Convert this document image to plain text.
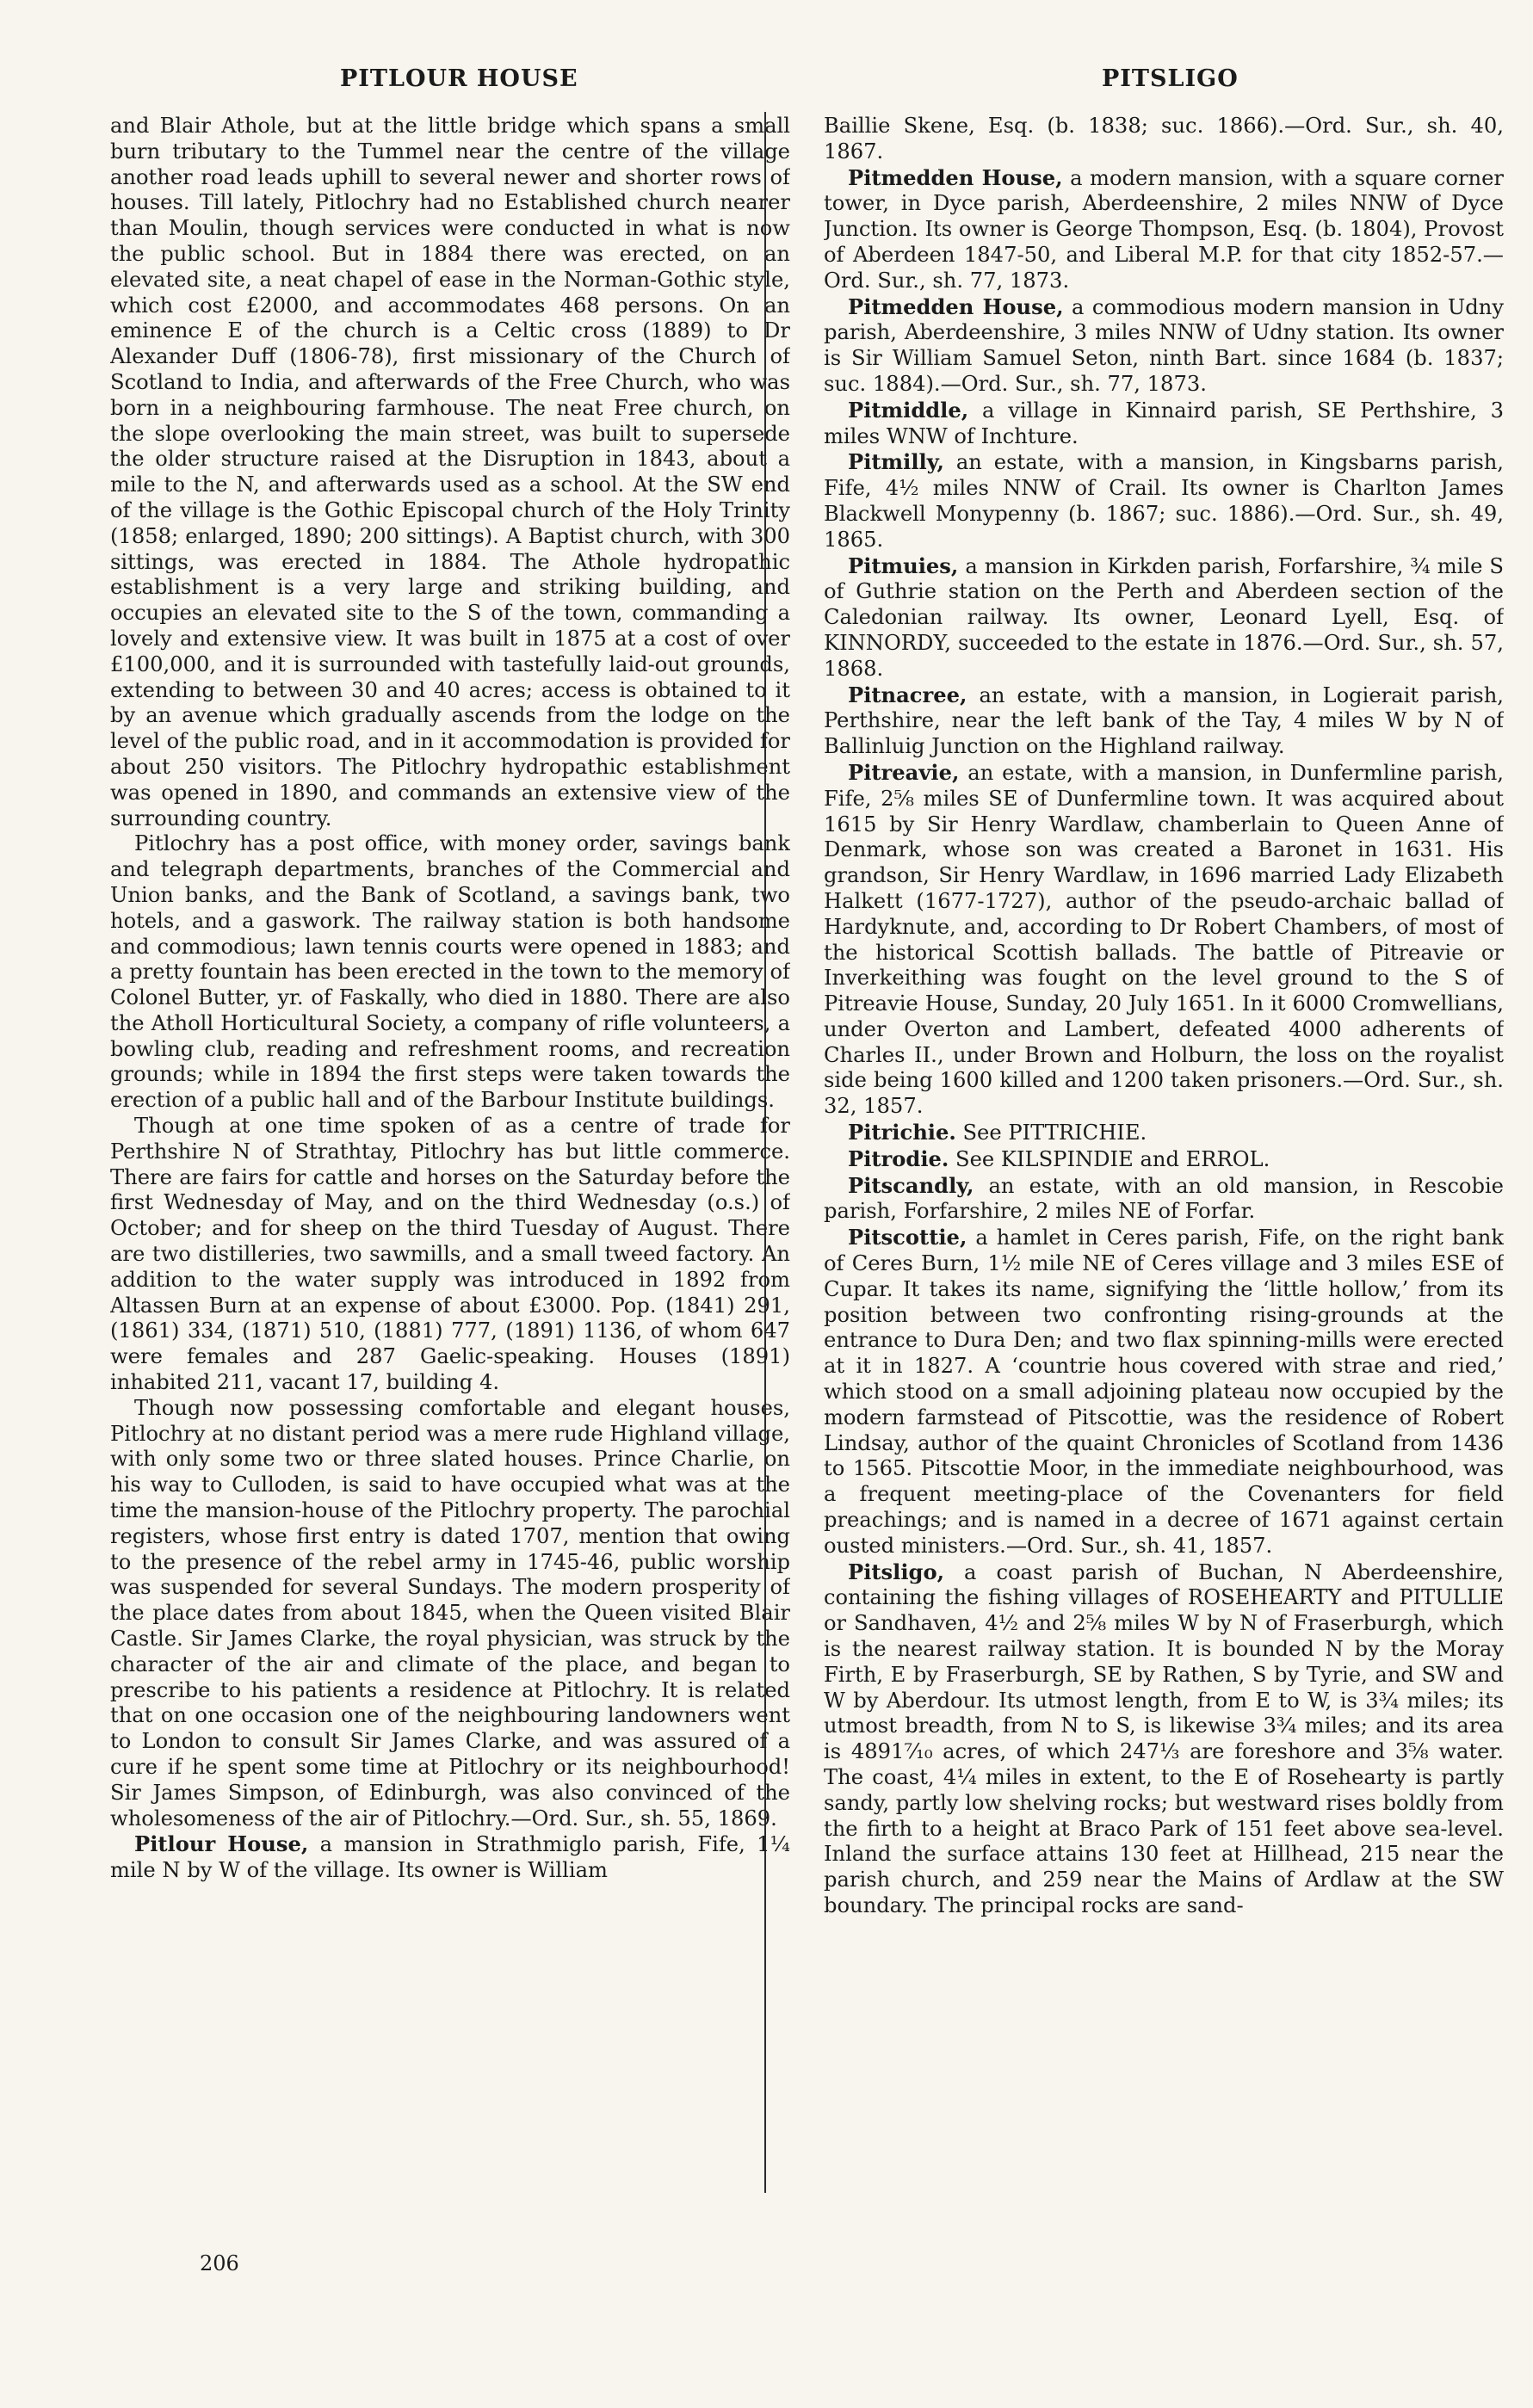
PITLOUR HOUSE	PITSLIGO

and Blair Athole, but at the little bridge which spans a small burn tributary to the Tummel near the centre of the village another road leads uphill to several newer and shorter rows of houses. Till lately, Pitlochry had no Established church nearer than Moulin, though services were conducted in what is now the public school. But in 1884 there was erected, on an elevated site, a neat chapel of ease in the Norman-Gothic style, which cost £2000, and accommodates 468 persons. On an eminence E of the church is a Celtic cross (1889) to Dr Alexander Duff (1806-78), first missionary of the Church of Scotland to India, and afterwards of the Free Church, who was born in a neighbouring farmhouse. The neat Free church, on the slope overlooking the main street, was built to supersede the older structure raised at the Disruption in 1843, about a mile to the N, and afterwards used as a school. At the SW end of the village is the Gothic Episcopal church of the Holy Trinity (1858; enlarged, 1890; 200 sittings). A Baptist church, with 300 sittings, was erected in 1884. The Athole hydropathic establishment is a very large and striking building, and occupies an elevated site to the S of the town, commanding a lovely and extensive view. It was built in 1875 at a cost of over £100,000, and it is surrounded with tastefully laid-out grounds, extending to between 30 and 40 acres; access is obtained to it by an avenue which gradually ascends from the lodge on the level of the public road, and in it accommodation is provided for about 250 visitors. The Pitlochry hydropathic establishment was opened in 1890, and commands an extensive view of the surrounding country.

Pitlochry has a post office, with money order, savings bank and telegraph departments, branches of the Commercial and Union banks, and the Bank of Scotland, a savings bank, two hotels, and a gaswork. The railway station is both handsome and commodious; lawn tennis courts were opened in 1883; and a pretty fountain has been erected in the town to the memory of Colonel Butter, yr. of Faskally, who died in 1880. There are also the Atholl Horticultural Society, a company of rifle volunteers, a bowling club, reading and refreshment rooms, and recreation grounds; while in 1894 the first steps were taken towards the erection of a public hall and of the Barbour Institute buildings.

Though at one time spoken of as a centre of trade for Perthshire N of Strathtay, Pitlochry has but little commerce. There are fairs for cattle and horses on the Saturday before the first Wednesday of May, and on the third Wednesday (o.s.) of October; and for sheep on the third Tuesday of August. There are two distilleries, two sawmills, and a small tweed factory. An addition to the water supply was introduced in 1892 from Altassen Burn at an expense of about £3000. Pop. (1841) 291, (1861) 334, (1871) 510, (1881) 777, (1891) 1136, of whom 647 were females and 287 Gaelic-speaking. Houses (1891) inhabited 211, vacant 17, building 4.

Though now possessing comfortable and elegant houses, Pitlochry at no distant period was a mere rude Highland village, with only some two or three slated houses. Prince Charlie, on his way to Culloden, is said to have occupied what was at the time the mansion-house of the Pitlochry property. The parochial registers, whose first entry is dated 1707, mention that owing to the presence of the rebel army in 1745-46, public worship was suspended for several Sundays. The modern prosperity of the place dates from about 1845, when the Queen visited Blair Castle. Sir James Clarke, the royal physician, was struck by the character of the air and climate of the place, and began to prescribe to his patients a residence at Pitlochry. It is related that on one occasion one of the neighbouring landowners went to London to consult Sir James Clarke, and was assured of a cure if he spent some time at Pitlochry or its neighbourhood! Sir James Simpson, of Edinburgh, was also convinced of the wholesomeness of the air of Pitlochry.—Ord. Sur., sh. 55, 1869.

Pitlour House, a mansion in Strathmiglo parish, Fife, 1¼ mile N by W of the village. Its owner is William

Baillie Skene, Esq. (b. 1838; suc. 1866).—Ord. Sur., sh. 40, 1867.

Pitmedden House, a modern mansion, with a square corner tower, in Dyce parish, Aberdeenshire, 2 miles NNW of Dyce Junction. Its owner is George Thompson, Esq. (b. 1804), Provost of Aberdeen 1847-50, and Liberal M.P. for that city 1852-57.—Ord. Sur., sh. 77, 1873.

Pitmedden House, a commodious modern mansion in Udny parish, Aberdeenshire, 3 miles NNW of Udny station. Its owner is Sir William Samuel Seton, ninth Bart. since 1684 (b. 1837; suc. 1884).—Ord. Sur., sh. 77, 1873.

Pitmiddle, a village in Kinnaird parish, SE Perthshire, 3 miles WNW of Inchture.

Pitmilly, an estate, with a mansion, in Kingsbarns parish, Fife, 4½ miles NNW of Crail. Its owner is Charlton James Blackwell Monypenny (b. 1867; suc. 1886).—Ord. Sur., sh. 49, 1865.

Pitmuies, a mansion in Kirkden parish, Forfarshire, ¾ mile S of Guthrie station on the Perth and Aberdeen section of the Caledonian railway. Its owner, Leonard Lyell, Esq. of KINNORDY, succeeded to the estate in 1876.—Ord. Sur., sh. 57, 1868.

Pitnacree, an estate, with a mansion, in Logierait parish, Perthshire, near the left bank of the Tay, 4 miles W by N of Ballinluig Junction on the Highland railway.

Pitreavie, an estate, with a mansion, in Dunfermline parish, Fife, 2⅝ miles SE of Dunfermline town. It was acquired about 1615 by Sir Henry Wardlaw, chamberlain to Queen Anne of Denmark, whose son was created a Baronet in 1631. His grandson, Sir Henry Wardlaw, in 1696 married Lady Elizabeth Halkett (1677-1727), author of the pseudo-archaic ballad of Hardyknute, and, according to Dr Robert Chambers, of most of the historical Scottish ballads. The battle of Pitreavie or Inverkeithing was fought on the level ground to the S of Pitreavie House, Sunday, 20 July 1651. In it 6000 Cromwellians, under Overton and Lambert, defeated 4000 adherents of Charles II., under Brown and Holburn, the loss on the royalist side being 1600 killed and 1200 taken prisoners.—Ord. Sur., sh. 32, 1857.

Pitrichie. See PITTRICHIE.

Pitrodie. See KILSPINDIE and ERROL.

Pitscandly, an estate, with an old mansion, in Rescobie parish, Forfarshire, 2 miles NE of Forfar.

Pitscottie, a hamlet in Ceres parish, Fife, on the right bank of Ceres Burn, 1½ mile NE of Ceres village and 3 miles ESE of Cupar. It takes its name, signifying the ‘little hollow,’ from its position between two confronting rising-grounds at the entrance to Dura Den; and two flax spinning-mills were erected at it in 1827. A ‘countrie hous covered with strae and ried,’ which stood on a small adjoining plateau now occupied by the modern farmstead of Pitscottie, was the residence of Robert Lindsay, author of the quaint Chronicles of Scotland from 1436 to 1565. Pitscottie Moor, in the immediate neighbourhood, was a frequent meeting-place of the Covenanters for field preachings; and is named in a decree of 1671 against certain ousted ministers.—Ord. Sur., sh. 41, 1857.

Pitsligo, a coast parish of Buchan, N Aberdeenshire, containing the fishing villages of ROSEHEARTY and PITULLIE or Sandhaven, 4½ and 2⅝ miles W by N of Fraserburgh, which is the nearest railway station. It is bounded N by the Moray Firth, E by Fraserburgh, SE by Rathen, S by Tyrie, and SW and W by Aberdour. Its utmost length, from E to W, is 3¾ miles; its utmost breadth, from N to S, is likewise 3¾ miles; and its area is 4891⁷⁄₁₀ acres, of which 247⅓ are foreshore and 3⅝ water. The coast, 4¼ miles in extent, to the E of Rosehearty is partly sandy, partly low shelving rocks; but westward rises boldly from the firth to a height at Braco Park of 151 feet above sea-level. Inland the surface attains 130 feet at Hillhead, 215 near the parish church, and 259 near the Mains of Ardlaw at the SW boundary. The principal rocks are sand-

206
